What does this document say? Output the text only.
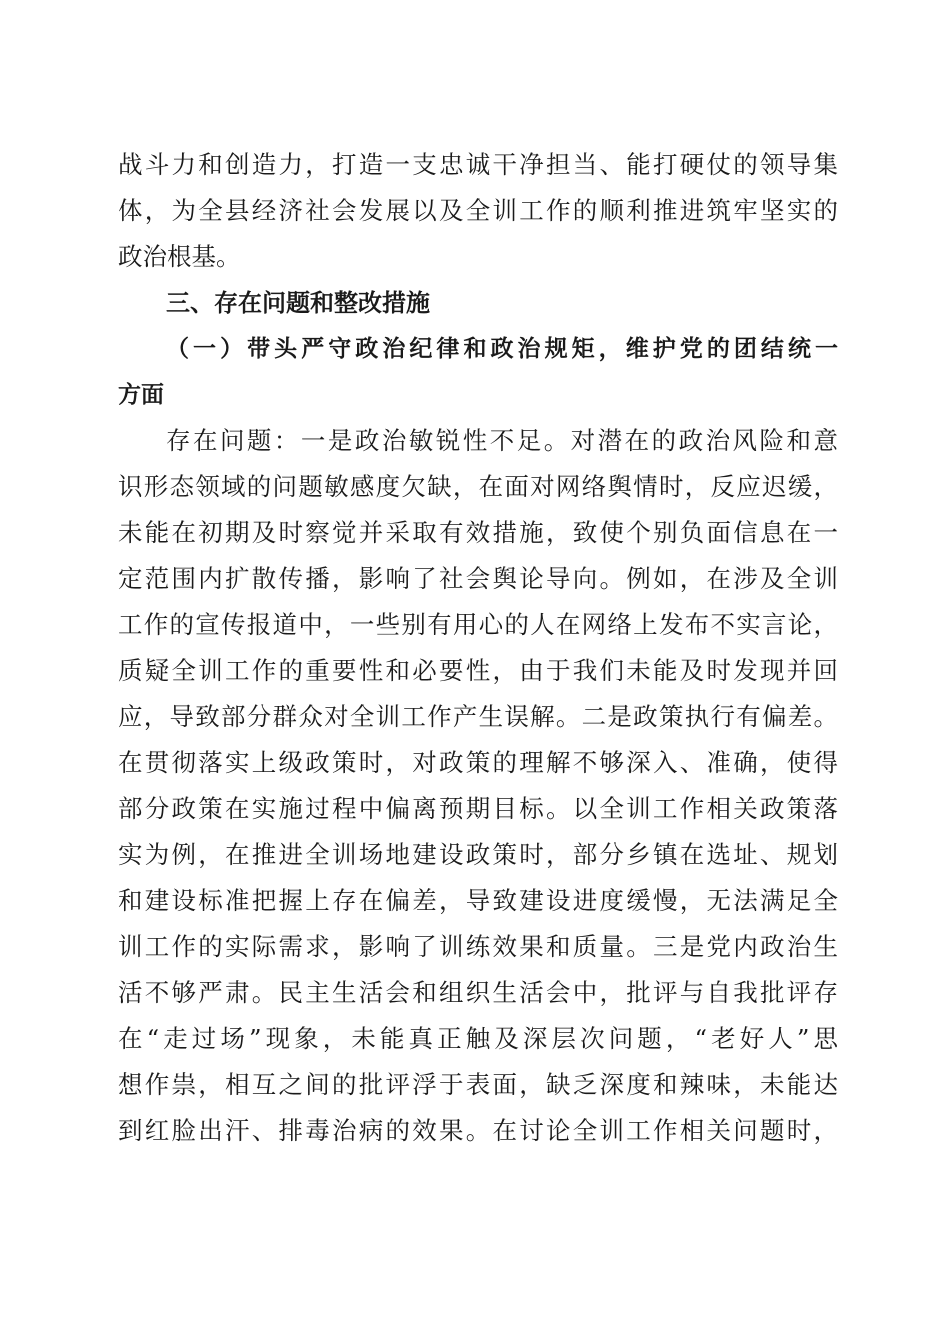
战斗力和创造力，打造一支忠诚干净担当、能打硬仗的领导集
体，为全县经济社会发展以及全训工作的顺利推进筑牢坚实的
政治根基。
三、存在问题和整改措施
（一）带头严守政治纪律和政治规矩，维护党的团结统一
方面
存在问题：一是政治敏锐性不足。对潜在的政治风险和意
识形态领域的问题敏感度欠缺，在面对网络舆情时，反应迟缓，
未能在初期及时察觉并采取有效措施，致使个别负面信息在一
定范围内扩散传播，影响了社会舆论导向。例如，在涉及全训
工作的宣传报道中，一些别有用心的人在网络上发布不实言论，
质疑全训工作的重要性和必要性，由于我们未能及时发现并回
应，导致部分群众对全训工作产生误解。二是政策执行有偏差。
在贯彻落实上级政策时，对政策的理解不够深入、准确，使得
部分政策在实施过程中偏离预期目标。以全训工作相关政策落
实为例，在推进全训场地建设政策时，部分乡镇在选址、规划
和建设标准把握上存在偏差，导致建设进度缓慢，无法满足全
训工作的实际需求，影响了训练效果和质量。三是党内政治生
活不够严肃。民主生活会和组织生活会中，批评与自我批评存
在“走过场”现象，未能真正触及深层次问题，“老好人”思
想作祟，相互之间的批评浮于表面，缺乏深度和辣味，未能达
到红脸出汗、排毒治病的效果。在讨论全训工作相关问题时，
